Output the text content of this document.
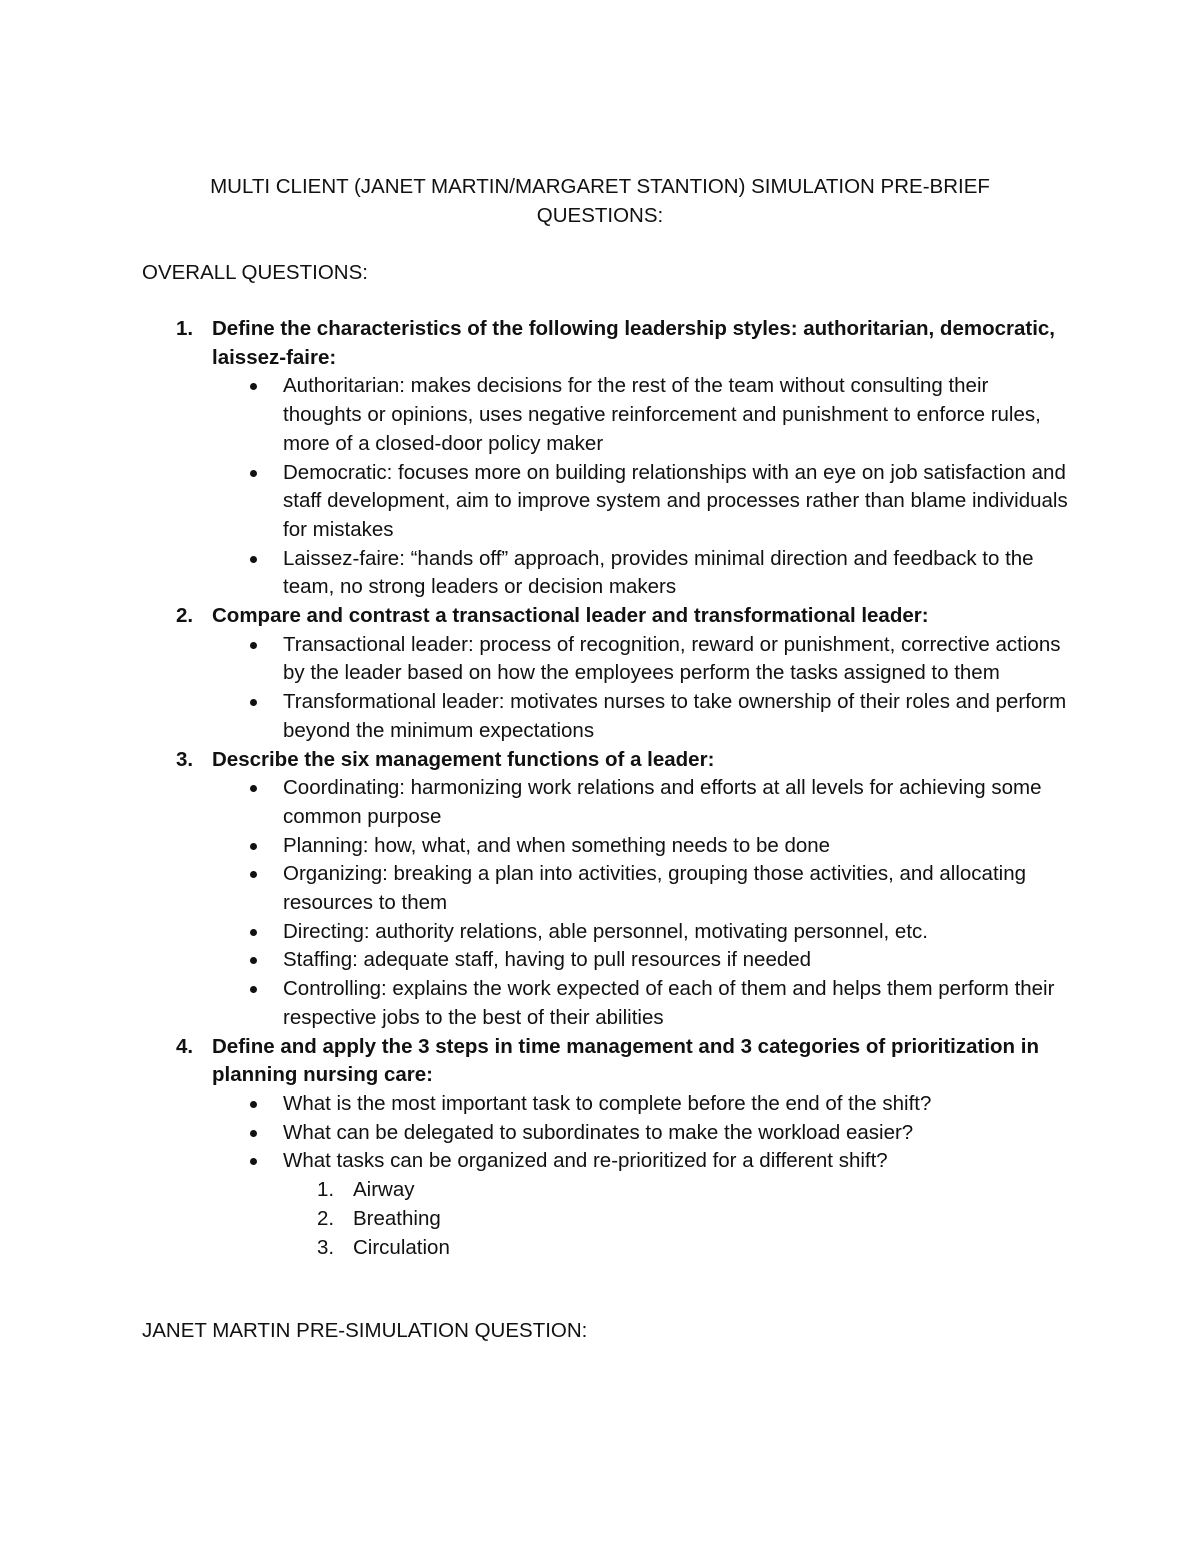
MULTI CLIENT (JANET MARTIN/MARGARET STANTION) SIMULATION PRE-BRIEF
QUESTIONS:
OVERALL QUESTIONS:
1. Define the characteristics of the following leadership styles: authoritarian, democratic, laissez-faire:
Authoritarian: makes decisions for the rest of the team without consulting their thoughts or opinions, uses negative reinforcement and punishment to enforce rules, more of a closed-door policy maker
Democratic: focuses more on building relationships with an eye on job satisfaction and staff development, aim to improve system and processes rather than blame individuals for mistakes
Laissez-faire: “hands off” approach, provides minimal direction and feedback to the team, no strong leaders or decision makers
2. Compare and contrast a transactional leader and transformational leader:
Transactional leader: process of recognition, reward or punishment, corrective actions by the leader based on how the employees perform the tasks assigned to them
Transformational leader: motivates nurses to take ownership of their roles and perform beyond the minimum expectations
3. Describe the six management functions of a leader:
Coordinating: harmonizing work relations and efforts at all levels for achieving some common purpose
Planning: how, what, and when something needs to be done
Organizing: breaking a plan into activities, grouping those activities, and allocating resources to them
Directing: authority relations, able personnel, motivating personnel, etc.
Staffing: adequate staff, having to pull resources if needed
Controlling: explains the work expected of each of them and helps them perform their respective jobs to the best of their abilities
4. Define and apply the 3 steps in time management and 3 categories of prioritization in planning nursing care:
What is the most important task to complete before the end of the shift?
What can be delegated to subordinates to make the workload easier?
What tasks can be organized and re-prioritized for a different shift?
1. Airway
2. Breathing
3. Circulation
JANET MARTIN PRE-SIMULATION QUESTION:
